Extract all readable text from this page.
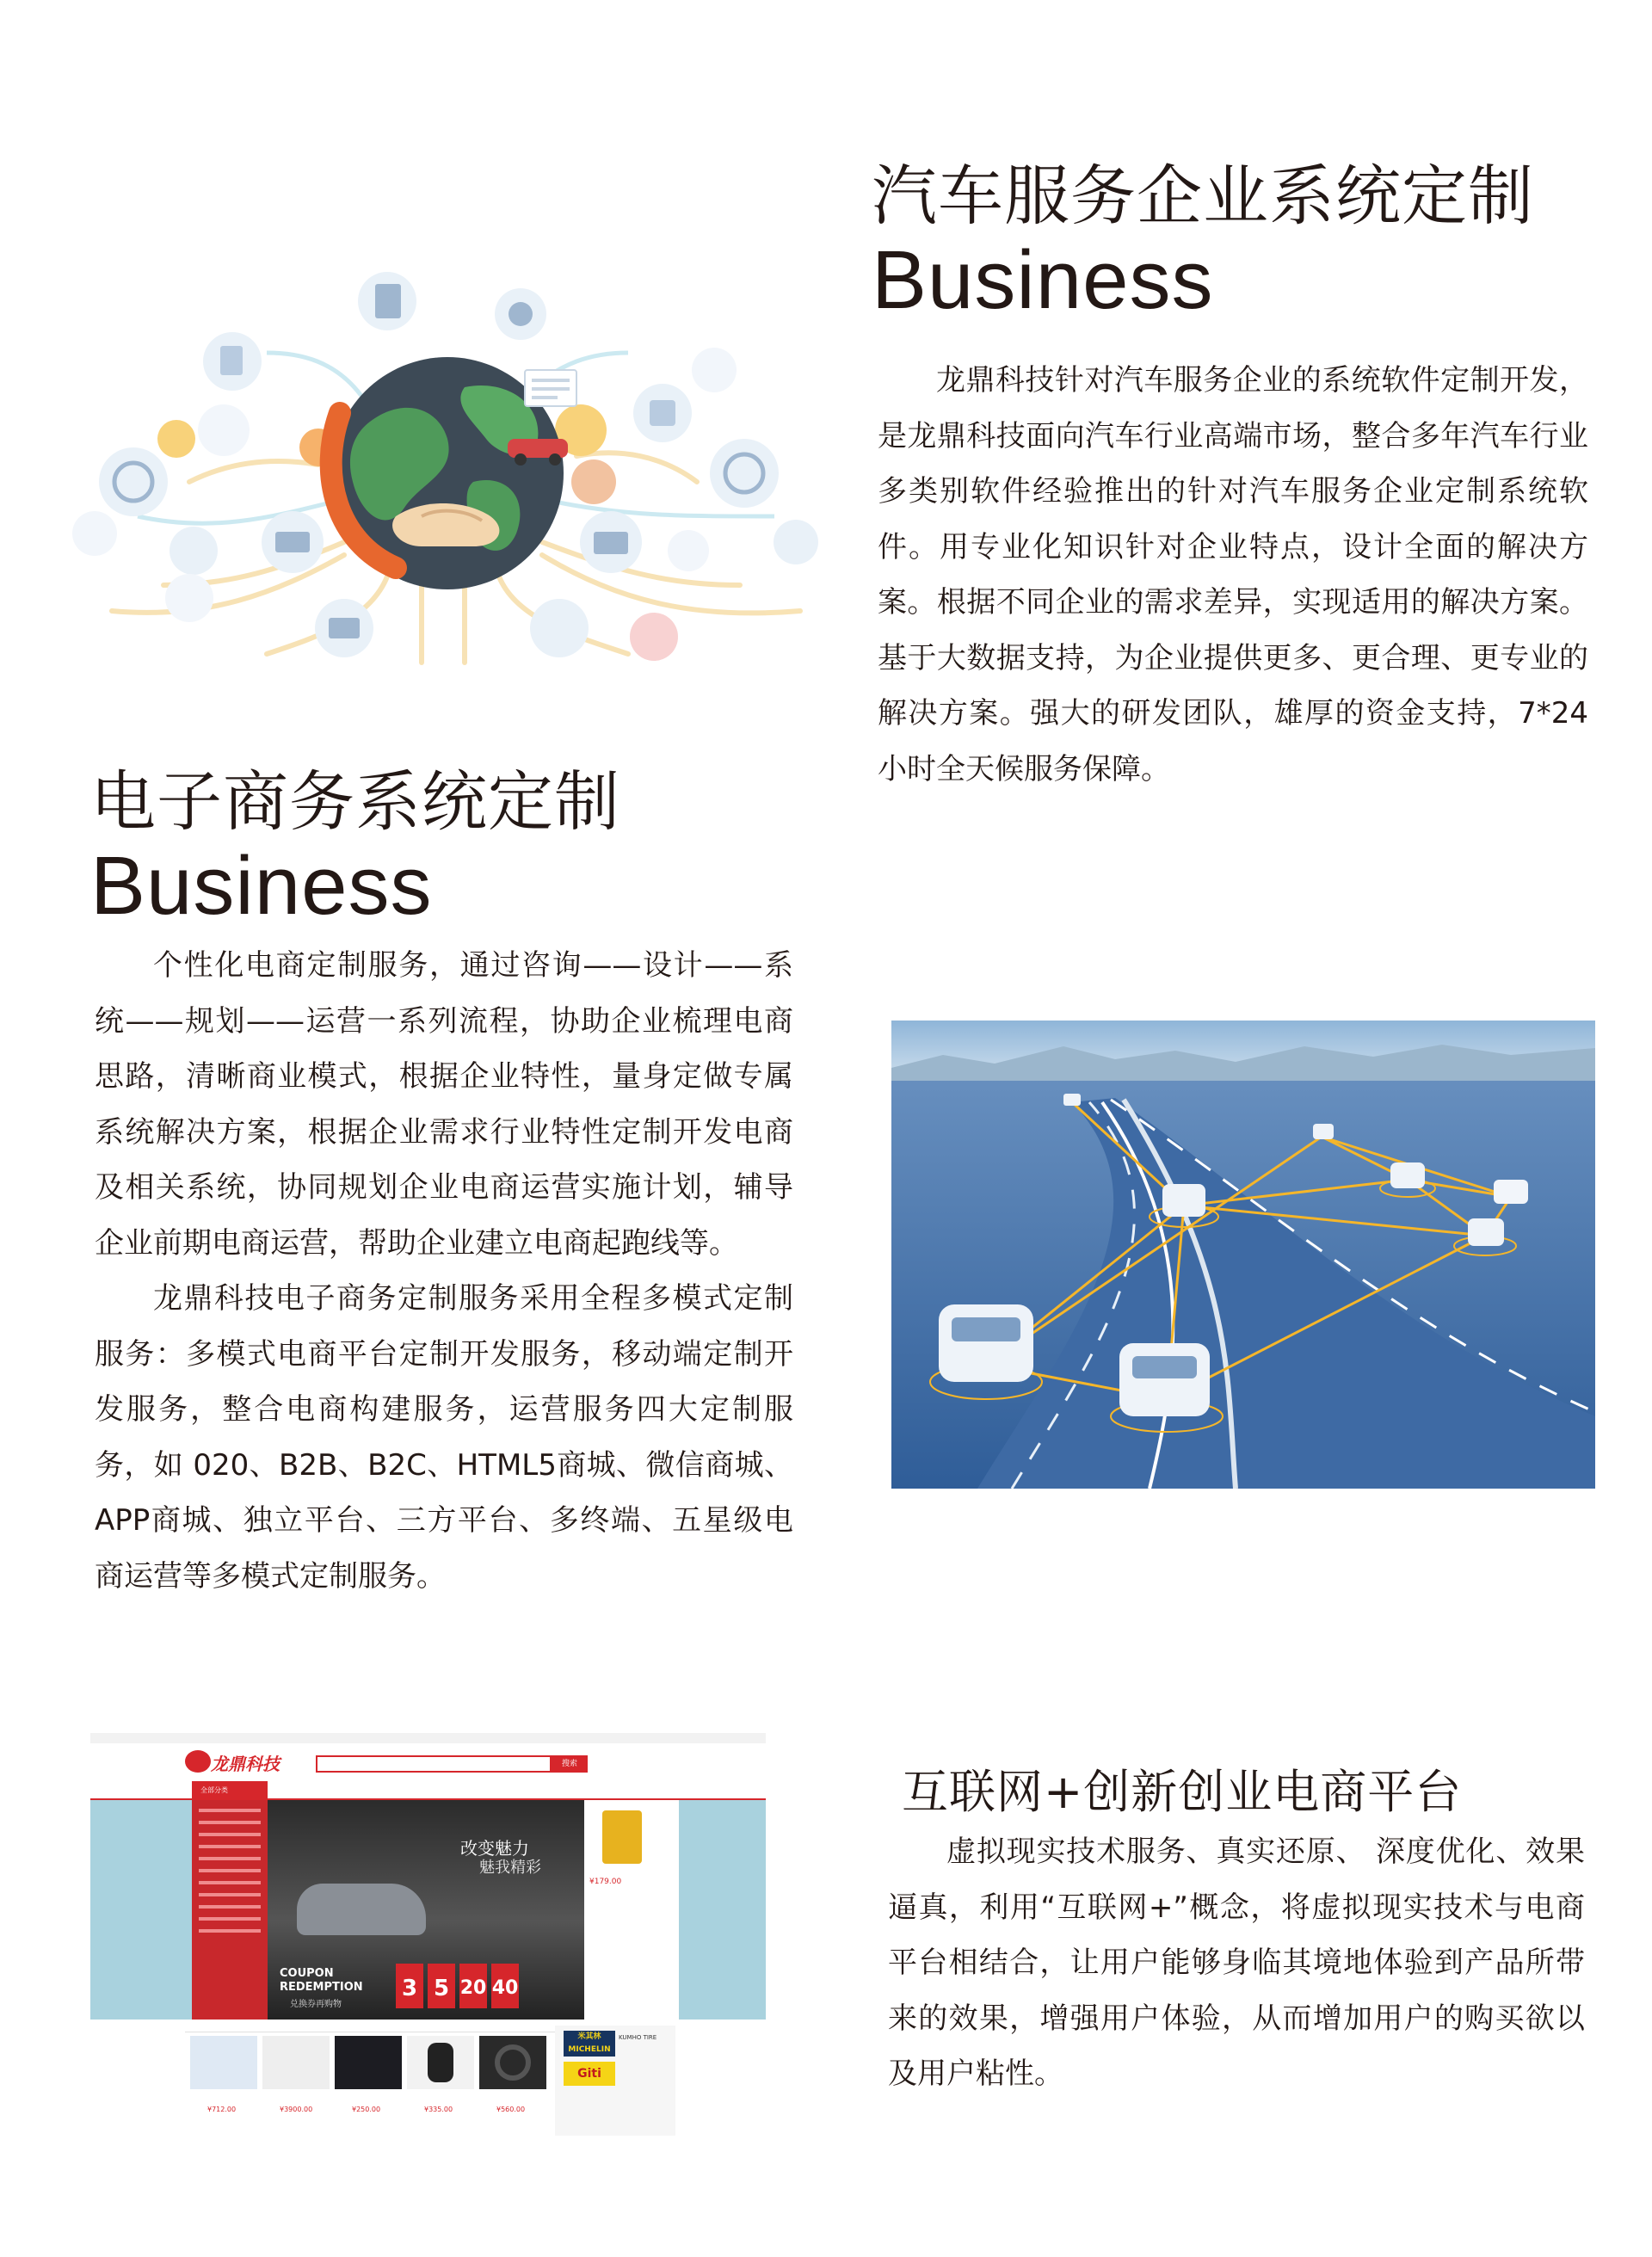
汽车服务企业系统定制
Business

龙鼎科技针对汽车服务企业的系统软件定制开发，是龙鼎科技面向汽车行业高端市场，整合多年汽车行业多类别软件经验推出的针对汽车服务企业定制系统软件。用专业化知识针对企业特点，设计全面的解决方案。根据不同企业的需求差异，实现适用的解决方案。基于大数据支持，为企业提供更多、更合理、更专业的解决方案。强大的研发团队，雄厚的资金支持，7*24小时全天候服务保障。

电子商务系统定制
Business

个性化电商定制服务，通过咨询——设计——系统——规划——运营一系列流程，协助企业梳理电商思路，清晰商业模式，根据企业特性，量身定做专属系统解决方案，根据企业需求行业特性定制开发电商及相关系统，协同规划企业电商运营实施计划，辅导企业前期电商运营，帮助企业建立电商起跑线等。

龙鼎科技电子商务定制服务采用全程多模式定制服务：多模式电商平台定制开发服务，移动端定制开发服务，整合电商构建服务，运营服务四大定制服务，如 020、B2B、B2C、HTML5商城、微信商城、APP商城、独立平台、三方平台、多终端、五星级电商运营等多模式定制服务。

龙鼎科技	搜索
全部分类
改变魅力
魅我精彩
COUPON
REDEMPTION
兑换券再购物
3 5 20 40
¥179.00
¥712.00	¥3900.00	¥250.00	¥335.00	¥560.00
米其林
MICHELIN
Giti
KUMHO TIRE
互联网+创新创业电商平台

虚拟现实技术服务、真实还原、 深度优化、效果逼真，利用“互联网+”概念，将虚拟现实技术与电商平台相结合，让用户能够身临其境地体验到产品所带来的效果，增强用户体验，从而增加用户的购买欲以及用户粘性。
